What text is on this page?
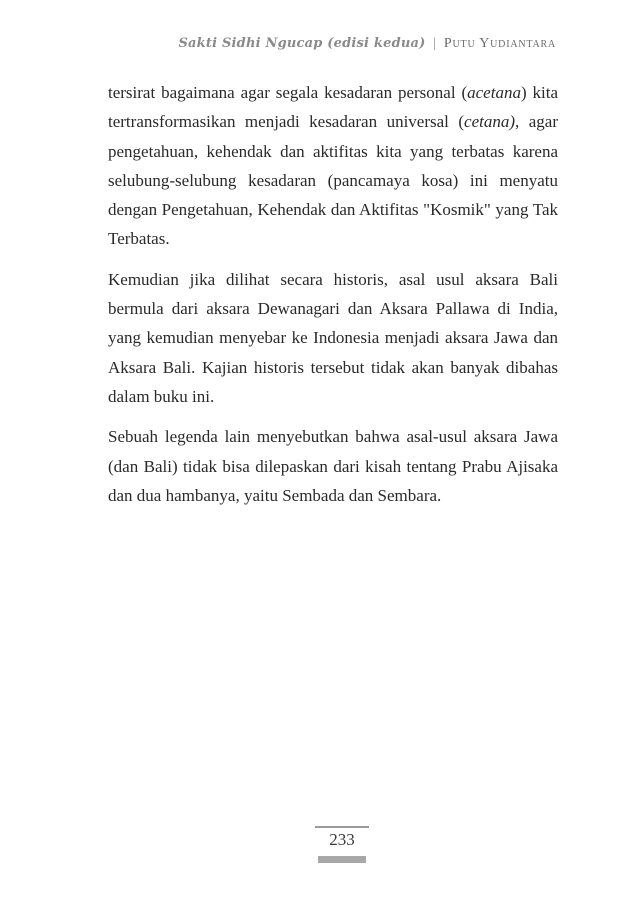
Sakti Sidhi Ngucap (edisi kedua) | Putu Yudiantara

tersirat bagaimana agar segala kesadaran personal (acetana) kita tertransformasikan menjadi kesadaran universal (cetana), agar pengetahuan, kehendak dan aktifitas kita yang terbatas karena selubung-selubung kesadaran (pancamaya kosa) ini menyatu dengan Pengetahuan, Kehendak dan Aktifitas "Kosmik" yang Tak Terbatas.

Kemudian jika dilihat secara historis, asal usul aksara Bali bermula dari aksara Dewanagari dan Aksara Pallawa di India, yang kemudian menyebar ke Indonesia menjadi aksara Jawa dan Aksara Bali. Kajian historis tersebut tidak akan banyak dibahas dalam buku ini.

Sebuah legenda lain menyebutkan bahwa asal-usul aksara Jawa (dan Bali) tidak bisa dilepaskan dari kisah tentang Prabu Ajisaka dan dua hambanya, yaitu Sembada dan Sembara.

233
